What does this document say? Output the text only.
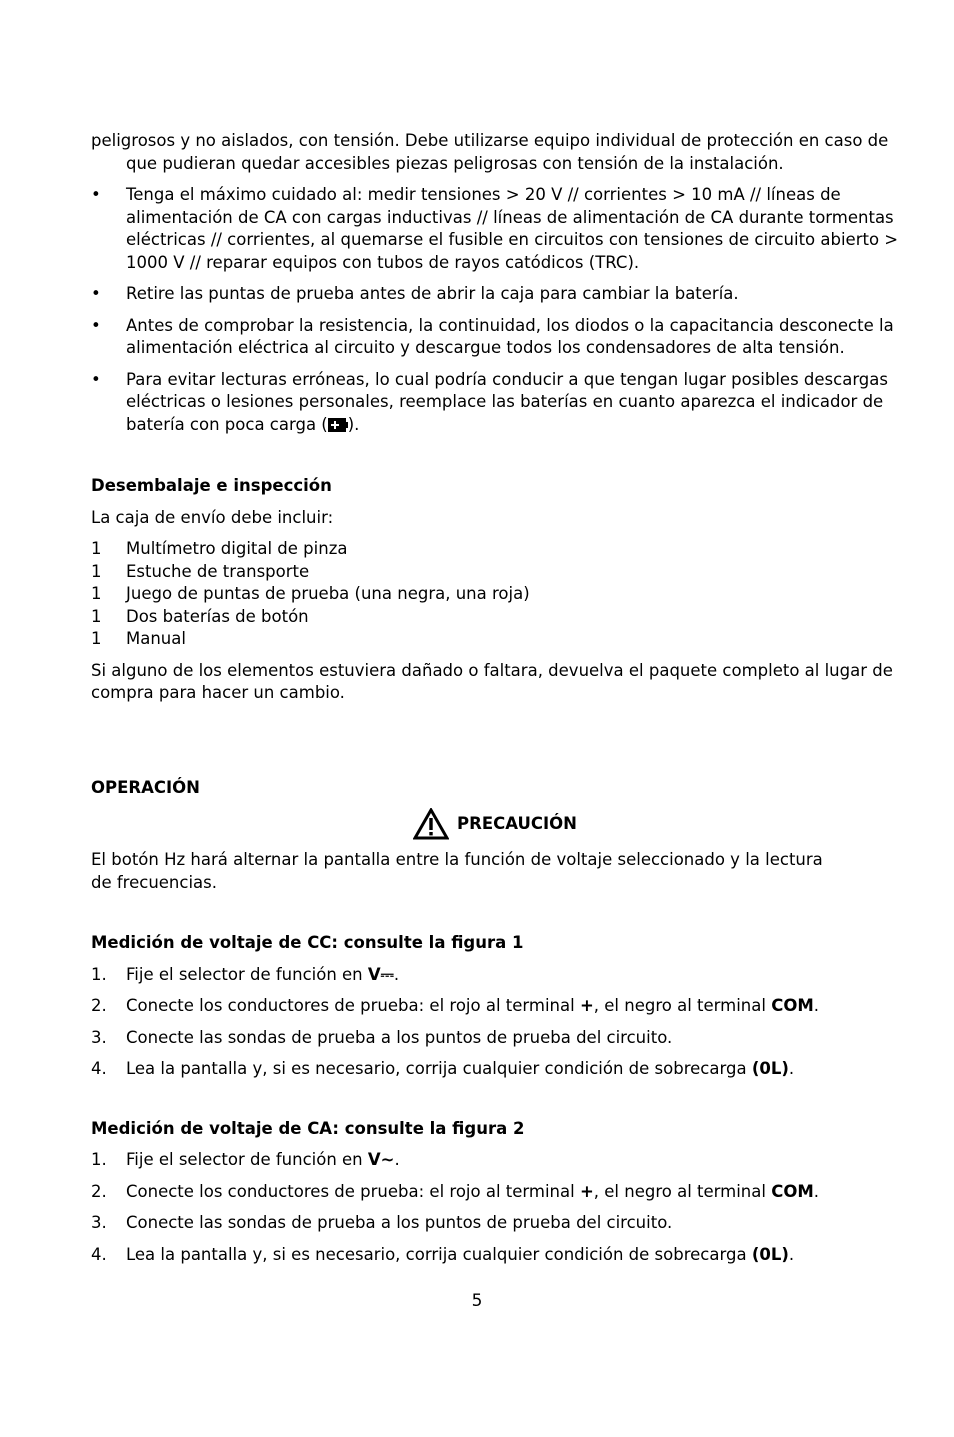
peligrosos y no aislados, con tensión. Debe utilizarse equipo individual de protección en caso de que pudieran quedar accesibles piezas peligrosas con tensión de la instalación.

•	Tenga el máximo cuidado al: medir tensiones > 20 V // corrientes > 10 mA // líneas de alimentación de CA con cargas inductivas // líneas de alimentación de CA durante tormentas eléctricas // corrientes, al quemarse el fusible en circuitos con tensiones de circuito abierto > 1000 V // reparar equipos con tubos de rayos catódicos (TRC).
•	Retire las puntas de prueba antes de abrir la caja para cambiar la batería.
•	Antes de comprobar la resistencia, la continuidad, los diodos o la capacitancia desconecte la alimentación eléctrica al circuito y descargue todos los condensadores de alta tensión.
•	Para evitar lecturas erróneas, lo cual podría conducir a que tengan lugar posibles descargas eléctricas o lesiones personales, reemplace las baterías en cuanto aparezca el indicador de batería con poca carga ( ).
Desembalaje e inspección

La caja de envío debe incluir:

1	Multímetro digital de pinza
1	Estuche de transporte
1	Juego de puntas de prueba (una negra, una roja)
1	Dos baterías de botón
1	Manual

Si alguno de los elementos estuviera dañado o faltara, devuelva el paquete completo al lugar de compra para hacer un cambio.

OPERACIÓN
PRECAUCIÓN

El botón Hz hará alternar la pantalla entre la función de voltaje seleccionado y la lectura de frecuencias.

Medición de voltaje de CC: consulte la figura 1
1.	Fije el selector de función en V⎓.
2.	Conecte los conductores de prueba: el rojo al terminal +, el negro al terminal COM.
3.	Conecte las sondas de prueba a los puntos de prueba del circuito.
4.	Lea la pantalla y, si es necesario, corrija cualquier condición de sobrecarga (0L).
Medición de voltaje de CA: consulte la figura 2
1.	Fije el selector de función en V∼.
2.	Conecte los conductores de prueba: el rojo al terminal +, el negro al terminal COM.
3.	Conecte las sondas de prueba a los puntos de prueba del circuito.
4.	Lea la pantalla y, si es necesario, corrija cualquier condición de sobrecarga (0L).
5
